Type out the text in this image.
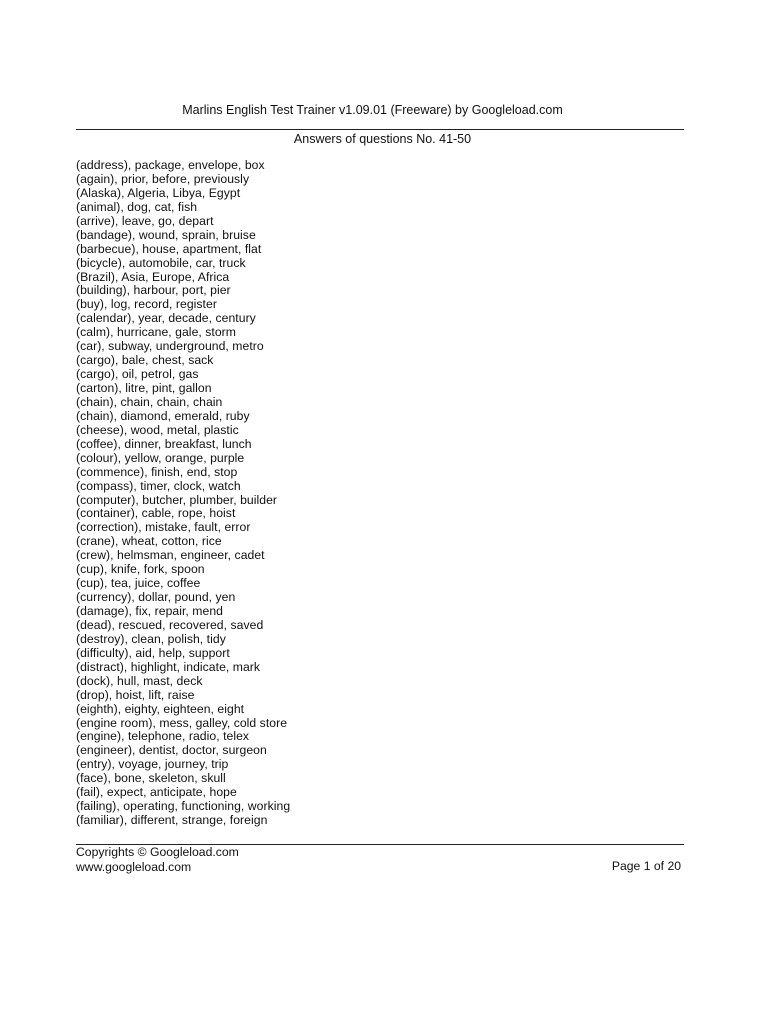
Marlins English Test Trainer v1.09.01 (Freeware) by Googleload.com
Answers of questions No. 41-50
(address), package, envelope, box
(again), prior, before, previously
(Alaska), Algeria, Libya, Egypt
(animal), dog, cat, fish
(arrive), leave, go, depart
(bandage), wound, sprain, bruise
(barbecue), house, apartment, flat
(bicycle), automobile, car, truck
(Brazil), Asia, Europe, Africa
(building), harbour, port, pier
(buy), log, record, register
(calendar), year, decade, century
(calm), hurricane, gale, storm
(car), subway, underground, metro
(cargo), bale, chest, sack
(cargo), oil, petrol, gas
(carton), litre, pint, gallon
(chain), chain, chain, chain
(chain), diamond, emerald, ruby
(cheese), wood, metal, plastic
(coffee), dinner, breakfast, lunch
(colour), yellow, orange, purple
(commence), finish, end, stop
(compass), timer, clock, watch
(computer), butcher, plumber, builder
(container), cable, rope, hoist
(correction), mistake, fault, error
(crane), wheat, cotton, rice
(crew), helmsman, engineer, cadet
(cup), knife, fork, spoon
(cup), tea, juice, coffee
(currency), dollar, pound, yen
(damage), fix, repair, mend
(dead), rescued, recovered, saved
(destroy), clean, polish, tidy
(difficulty), aid, help, support
(distract), highlight, indicate, mark
(dock), hull, mast, deck
(drop), hoist, lift, raise
(eighth), eighty, eighteen, eight
(engine room), mess, galley, cold store
(engine), telephone, radio, telex
(engineer), dentist, doctor, surgeon
(entry), voyage, journey, trip
(face), bone, skeleton, skull
(fail), expect, anticipate, hope
(failing), operating, functioning, working
(familiar), different, strange, foreign
Copyrights © Googleload.com
www.googleload.com	Page 1 of 20
